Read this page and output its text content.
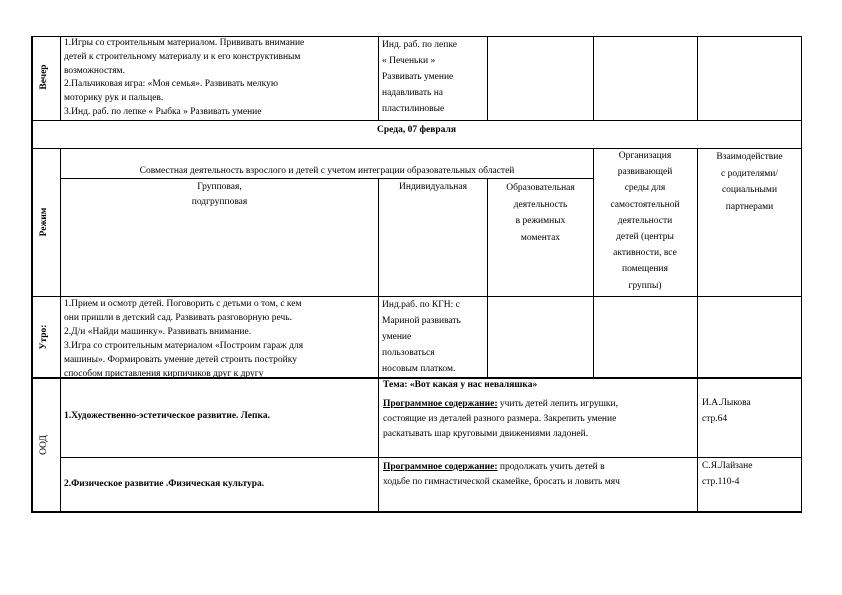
Вечер
1.Игры со строительным материалом. Прививать внимание
детей к строительному материалу и к его конструктивным
возможностям.
2.Пальчиковая игра: «Моя семья». Развивать мелкую
моторику рук и пальцев.
3.Инд. раб. по лепке « Рыбка » Развивать умение
Инд. раб. по лепке
« Печеньки »
Развивать умение
надавливать на
пластилиновые
Среда, 07 февраля
Режим
Совместная деятельность взрослого и детей с учетом интеграции образовательных областей
Групповая,
подгрупповая
Индивидуальная	Образовательная
деятельность
в режимных
моментах
Организация
развивающей
среды для
самостоятельной
деятельности
детей (центры
активности, все
помещения
группы)
Взаимодействие
с родителями/
социальными
партнерами
Утро:
1.Прием и осмотр детей. Поговорить с детьми о том, с кем
они пришли в детский сад. Развивать разговорную речь.
2.Д/и «Найди машинку». Развивать внимание.
3.Игра со строительным материалом «Построим гараж для
машины». Формировать умение детей строить постройку
способом приставления кирпичиков друг к другу
Инд.раб. по КГН: с
Мариной развивать
умение
пользоваться
носовым платком.
ООД
1.Художественно-эстетическое развитие. Лепка.
Тема: «Вот какая у нас неваляшка»
Программное содержание: учить детей лепить игрушки,
состоящие из деталей разного размера. Закрепить умение
раскатывать шар круговыми движениями ладоней.
И.А.Лыкова
стр.64
2.Физическое развитие .Физическая культура.
Программное содержание: продолжать учить детей в
ходьбе по гимнастической скамейке, бросать и ловить мяч
С.Я.Лайзане
стр.110-4
